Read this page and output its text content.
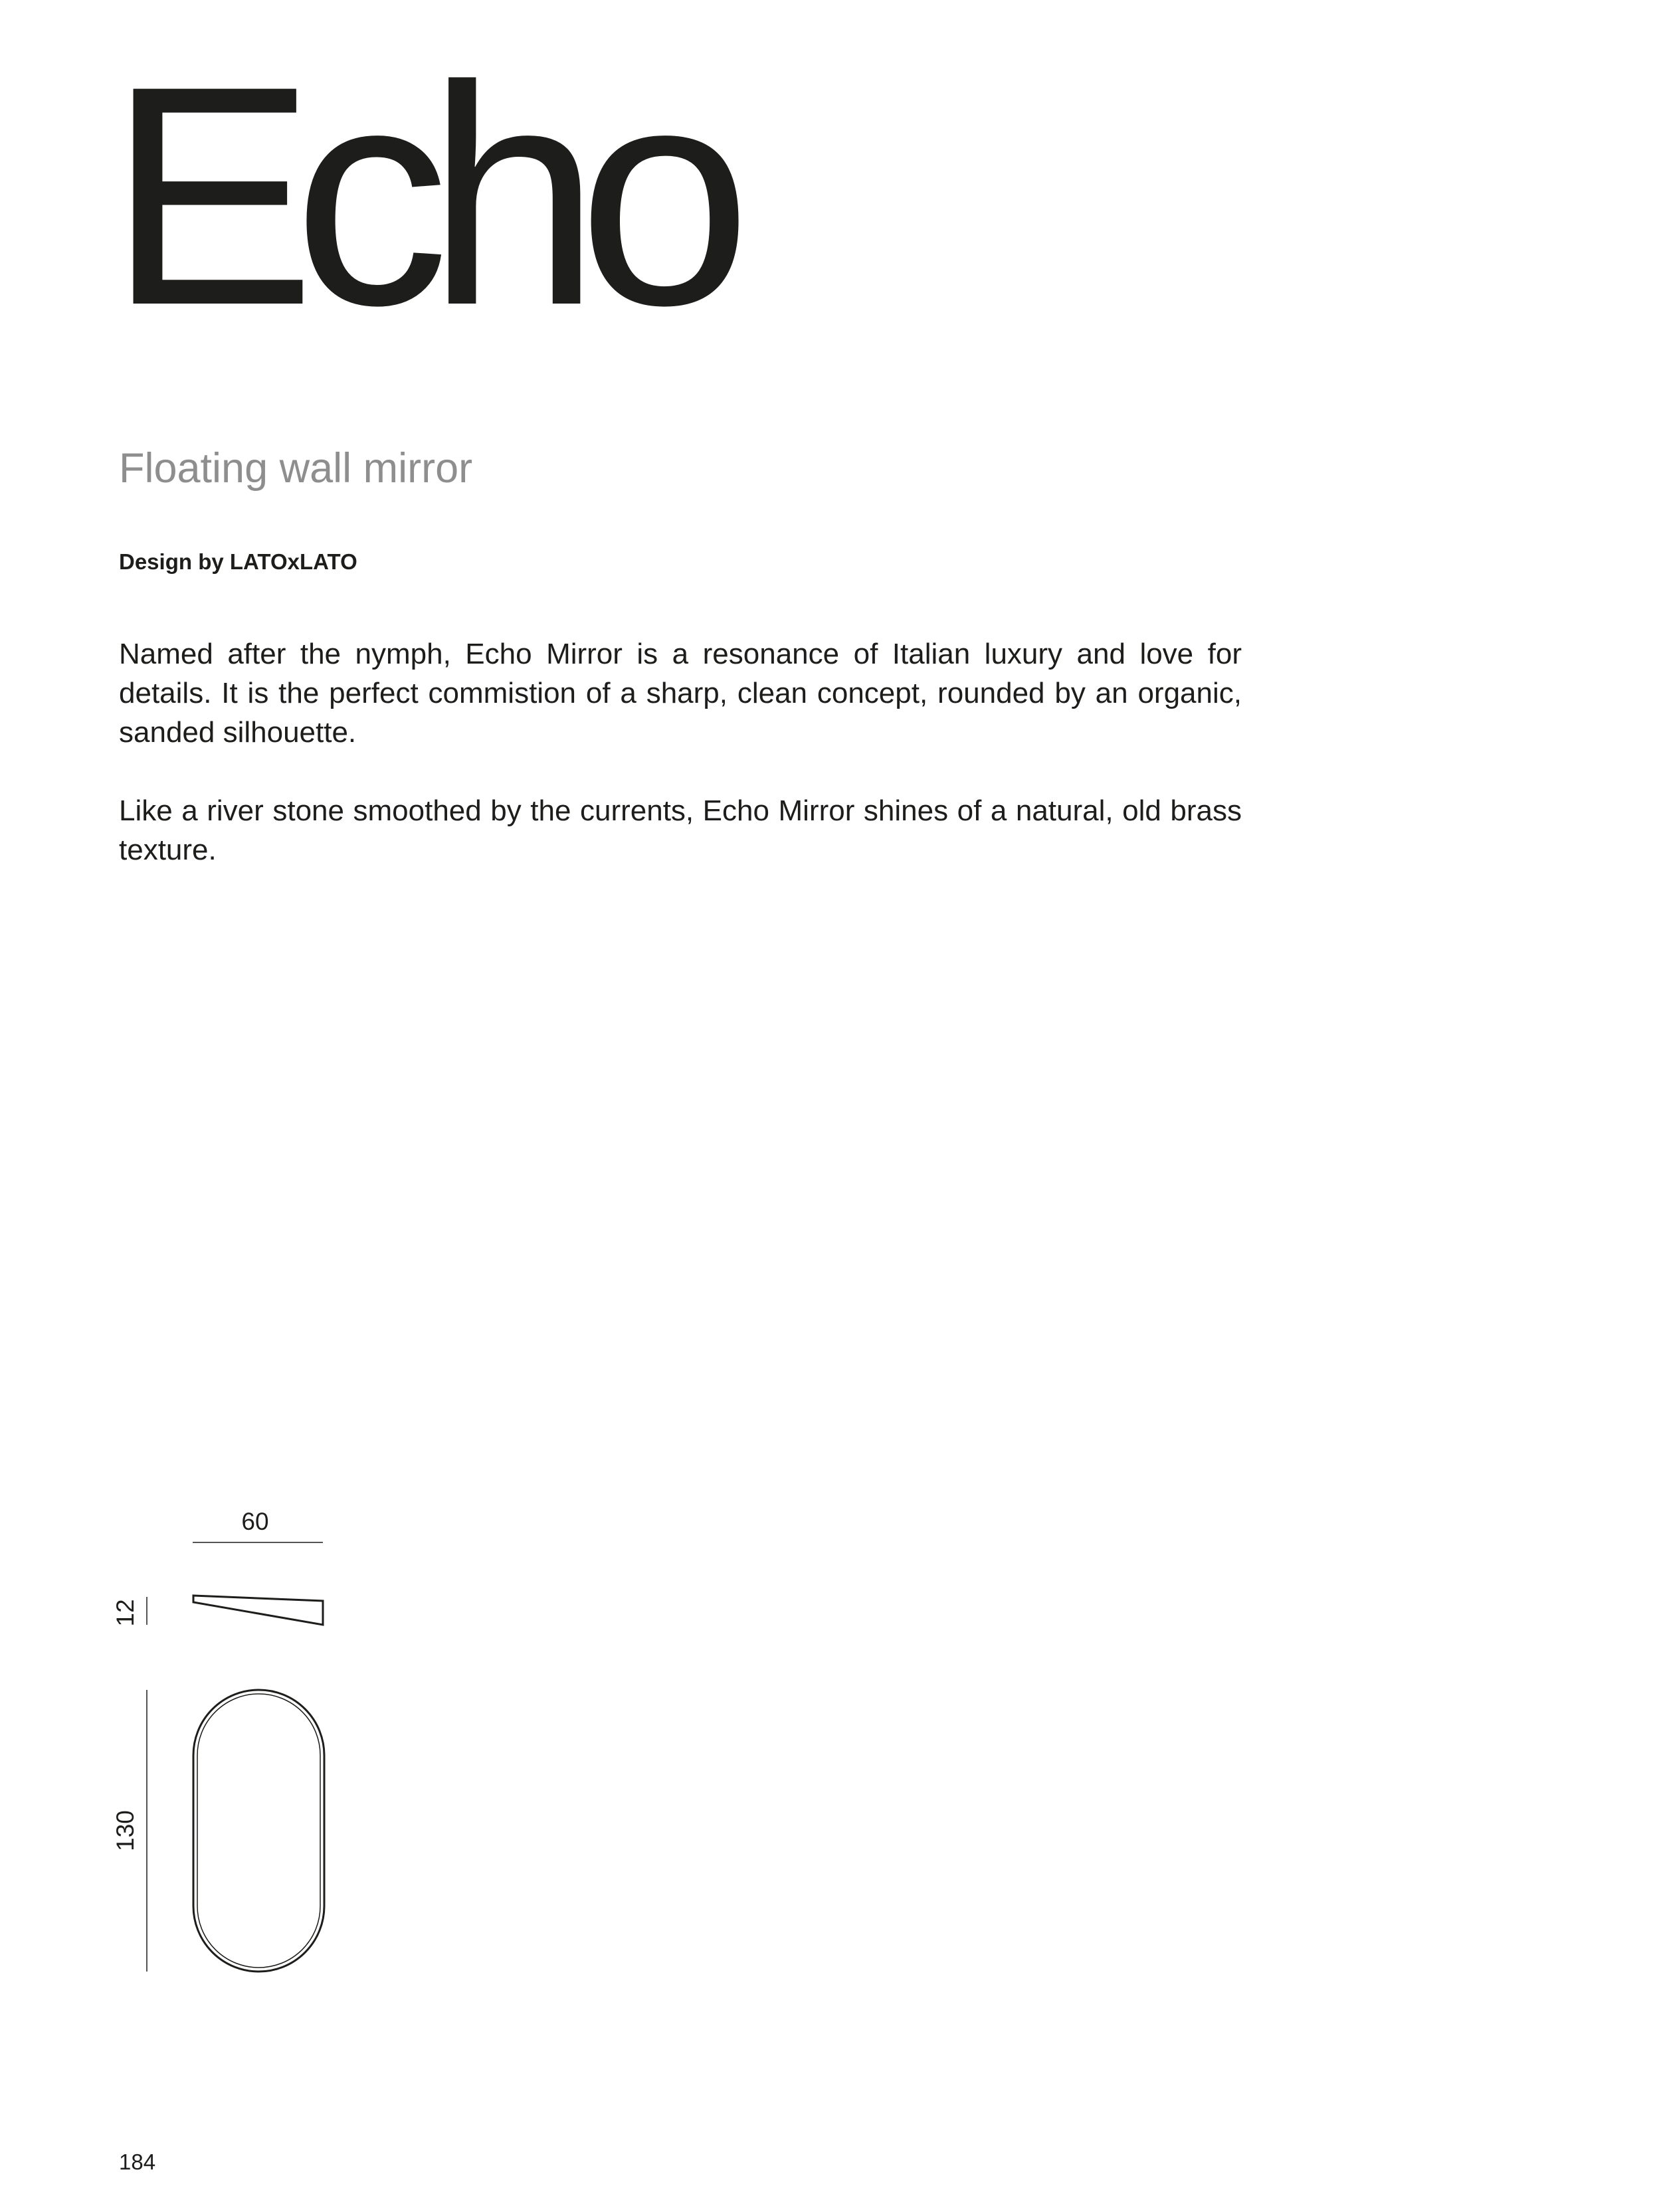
Echo
Floating wall mirror
Design by LATOxLATO

Named after the nymph, Echo Mirror is a resonance of Italian luxury and love for details. It is the perfect commistion of a sharp, clean concept, rounded by an organic, sanded silhouette.

Like a river stone smoothed by the currents, Echo Mirror shines of a natural, old brass texture.

60
12
130
184
